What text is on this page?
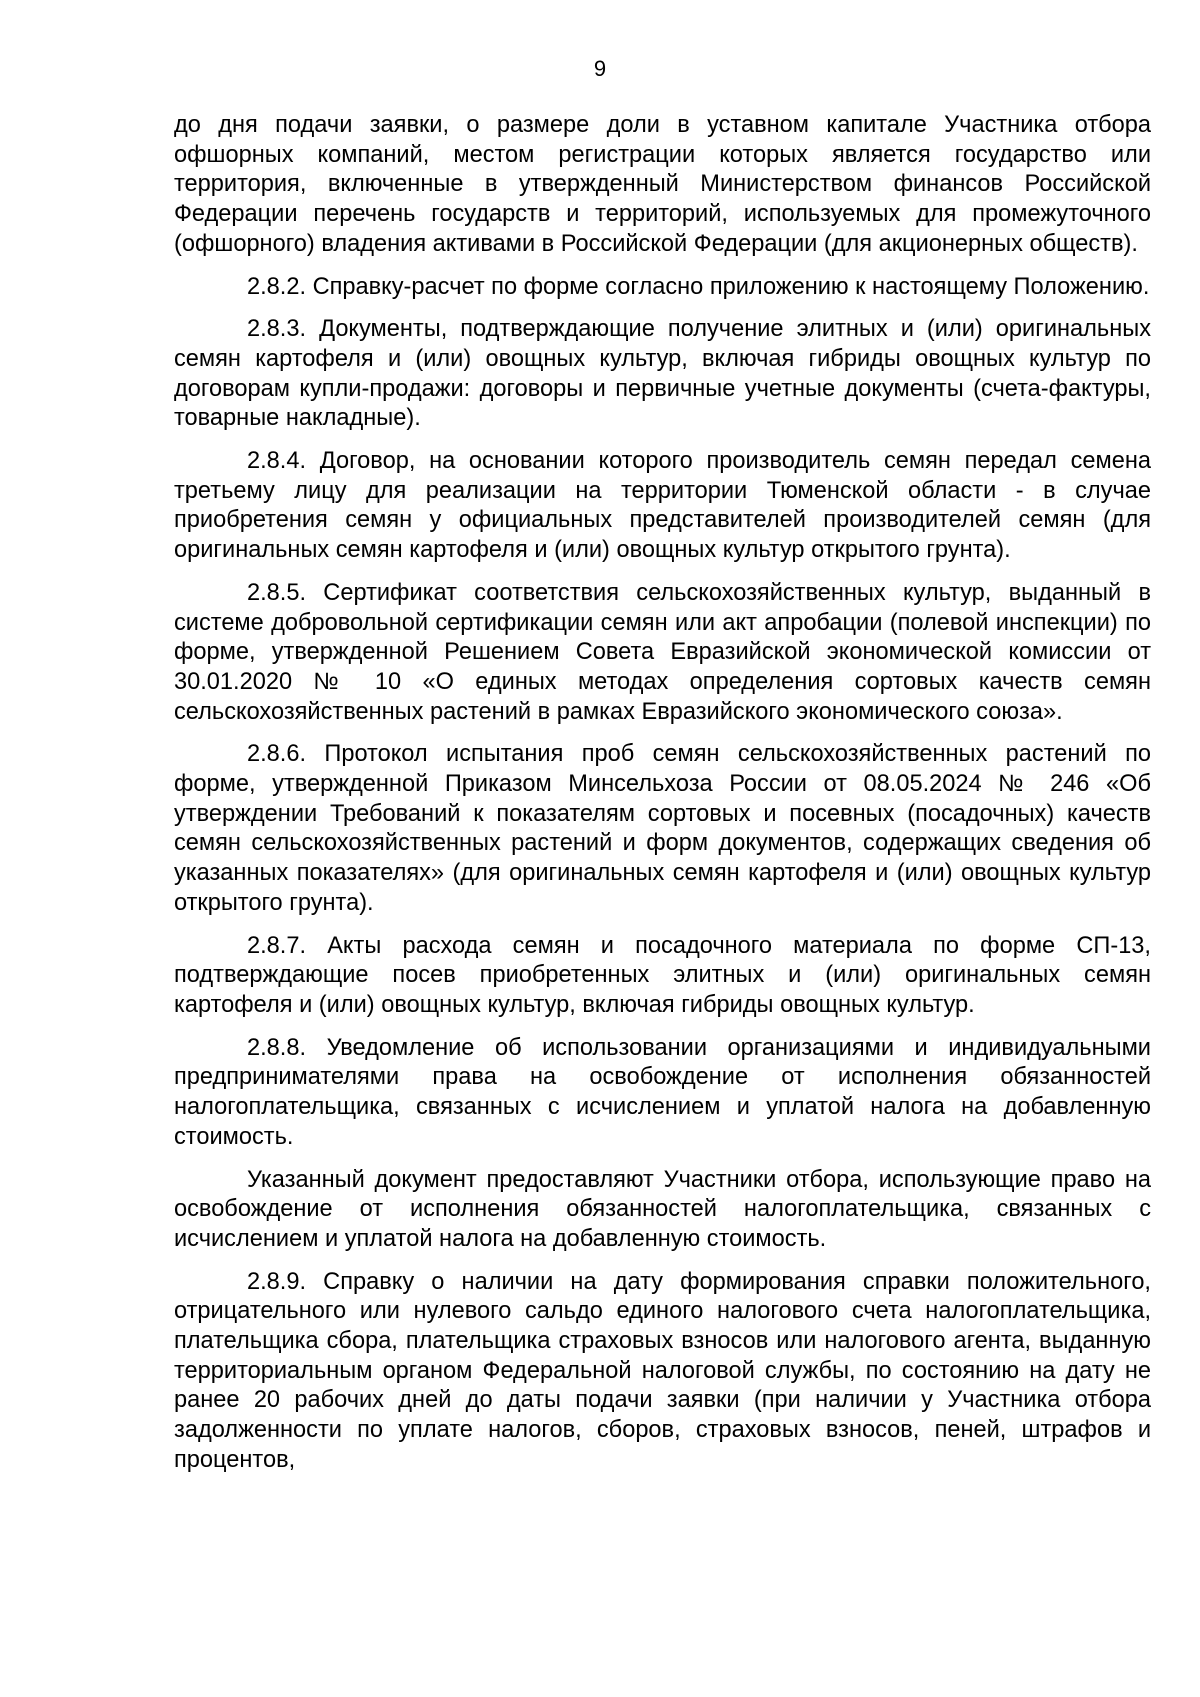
9

до дня подачи заявки, о размере доли в уставном капитале Участника отбора офшорных компаний, местом регистрации которых является государство или территория, включенные в утвержденный Министерством финансов Российской Федерации перечень государств и территорий, используемых для промежуточного (офшорного) владения активами в Российской Федерации (для акционерных обществ).

2.8.2. Справку-расчет по форме согласно приложению к настоящему Положению.

2.8.3. Документы, подтверждающие получение элитных и (или) оригинальных семян картофеля и (или) овощных культур, включая гибриды овощных культур по договорам купли-продажи: договоры и первичные учетные документы (счета-фактуры, товарные накладные).

2.8.4. Договор, на основании которого производитель семян передал семена третьему лицу для реализации на территории Тюменской области - в случае приобретения семян у официальных представителей производителей семян (для оригинальных семян картофеля и (или) овощных культур открытого грунта).

2.8.5. Сертификат соответствия сельскохозяйственных культур, выданный в системе добровольной сертификации семян или акт апробации (полевой инспекции) по форме, утвержденной Решением Совета Евразийской экономической комиссии от 30.01.2020 № 10 «О единых методах определения сортовых качеств семян сельскохозяйственных растений в рамках Евразийского экономического союза».

2.8.6. Протокол испытания проб семян сельскохозяйственных растений по форме, утвержденной Приказом Минсельхоза России от 08.05.2024 № 246 «Об утверждении Требований к показателям сортовых и посевных (посадочных) качеств семян сельскохозяйственных растений и форм документов, содержащих сведения об указанных показателях» (для оригинальных семян картофеля и (или) овощных культур открытого грунта).

2.8.7. Акты расхода семян и посадочного материала по форме СП-13, подтверждающие посев приобретенных элитных и (или) оригинальных семян картофеля и (или) овощных культур, включая гибриды овощных культур.

2.8.8. Уведомление об использовании организациями и индивидуальными предпринимателями права на освобождение от исполнения обязанностей налогоплательщика, связанных с исчислением и уплатой налога на добавленную стоимость.

Указанный документ предоставляют Участники отбора, использующие право на освобождение от исполнения обязанностей налогоплательщика, связанных с исчислением и уплатой налога на добавленную стоимость.

2.8.9. Справку о наличии на дату формирования справки положительного, отрицательного или нулевого сальдо единого налогового счета налогоплательщика, плательщика сбора, плательщика страховых взносов или налогового агента, выданную территориальным органом Федеральной налоговой службы, по состоянию на дату не ранее 20 рабочих дней до даты подачи заявки (при наличии у Участника отбора задолженности по уплате налогов, сборов, страховых взносов, пеней, штрафов и процентов,
